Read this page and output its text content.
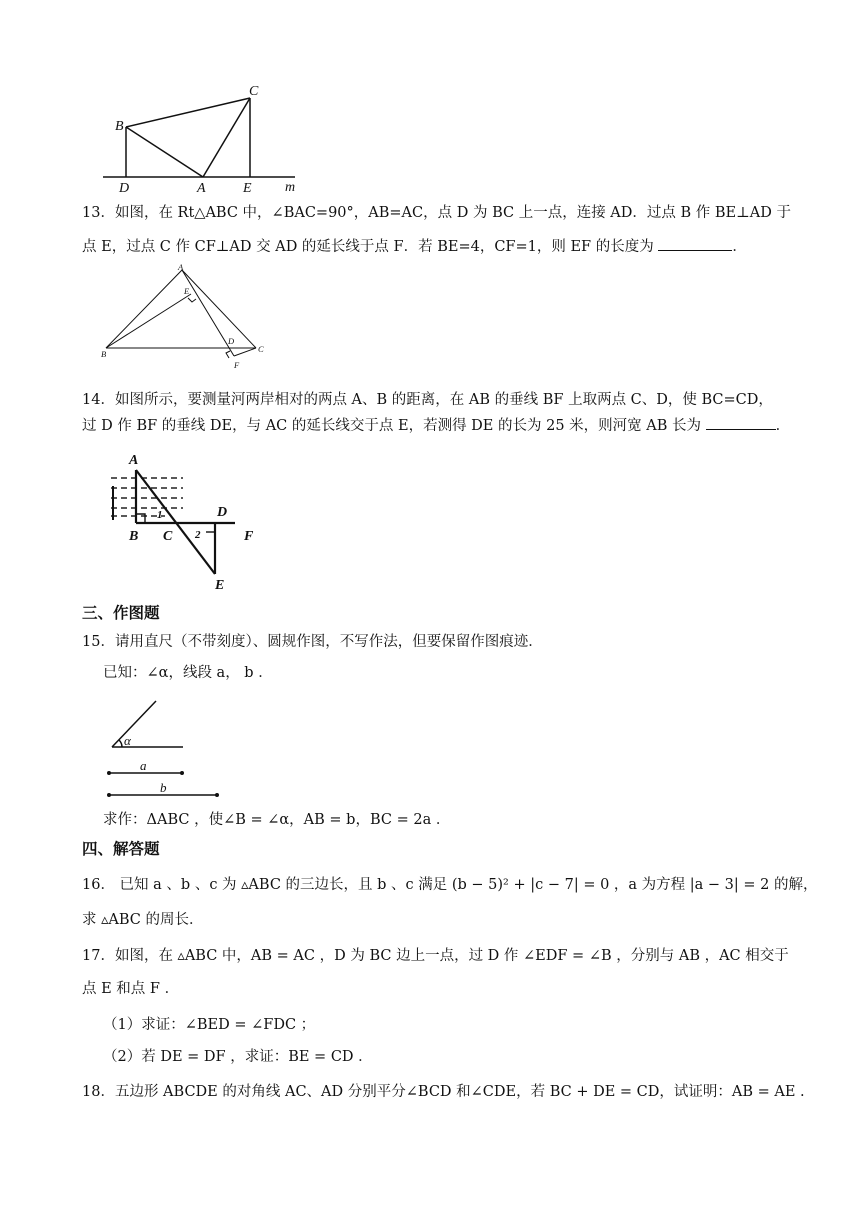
B
C
D	A	E m
13．如图，在 Rt△ABC 中，∠BAC=90°，AB=AC，点 D 为 BC 上一点，连接 AD．过点 B 作 BE⊥AD 于
点 E，过点 C 作 CF⊥AD 交 AD 的延长线于点 F．若 BE=4，CF=1，则 EF 的长度为	．
A
E
B
D
C
F
14．如图所示，要测量河两岸相对的两点 A、B 的距离，在 AB 的垂线 BF 上取两点 C、D，使 BC=CD，
过 D 作 BF 的垂线 DE，与 AC 的延长线交于点 E，若测得 DE 的长为 25 米，则河宽 AB 长为	．
A
B C
D
F
E
1
2
三、作图题
15．请用直尺（不带刻度）、圆规作图，不写作法，但要保留作图痕迹．
已知：∠α，线段 a， b ．
α
a
b
求作：ΔABC ，使∠B = ∠α，AB = b，BC = 2a ．
四、解答题
16． 已知 a 、b 、c 为 ▵ABC 的三边长，且 b 、c 满足 (b − 5)² + |c − 7| = 0 ，a 为方程 |a − 3| = 2 的解，
求 ▵ABC 的周长．
17．如图，在 ▵ABC 中，AB = AC ，D 为 BC 边上一点，过 D 作 ∠EDF = ∠B ，分别与 AB ，AC 相交于
点 E 和点 F ．
（1）求证：∠BED = ∠FDC ；
（2）若 DE = DF ，求证：BE = CD ．
18．五边形 ABCDE 的对角线 AC、AD 分别平分∠BCD 和∠CDE，若 BC + DE = CD，试证明：AB = AE .
